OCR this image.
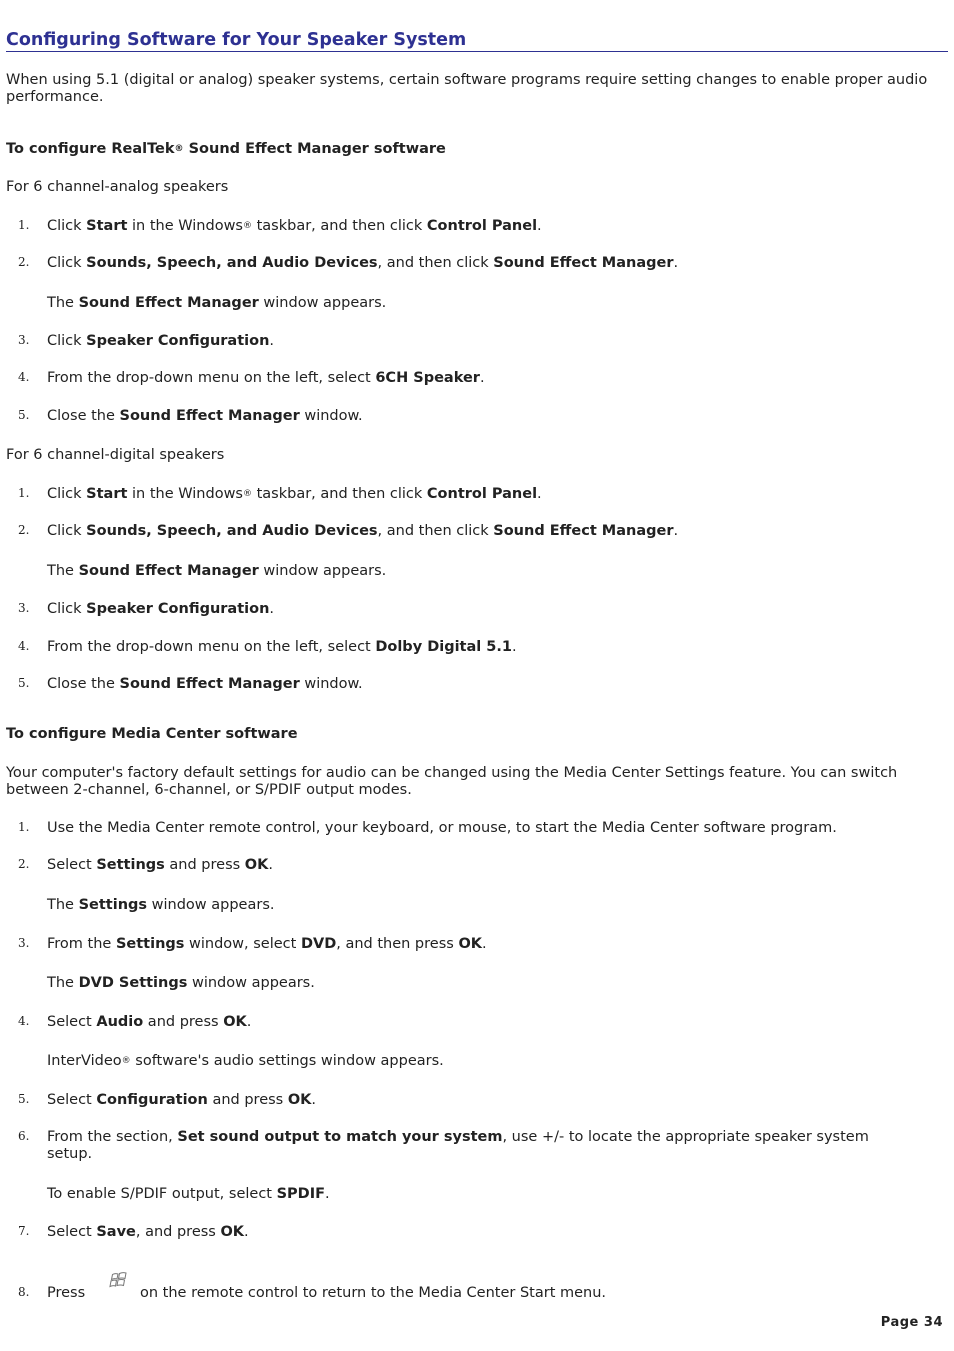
Configuring Software for Your Speaker System

When using 5.1 (digital or analog) speaker systems, certain software programs require setting changes to enable proper audio performance.

To configure RealTek® Sound Effect Manager software

For 6 channel-analog speakers

1. Click Start in the Windows® taskbar, and then click Control Panel.

2. Click Sounds, Speech, and Audio Devices, and then click Sound Effect Manager.

The Sound Effect Manager window appears.

3. Click Speaker Configuration.

4. From the drop-down menu on the left, select 6CH Speaker.

5. Close the Sound Effect Manager window.

For 6 channel-digital speakers

1. Click Start in the Windows® taskbar, and then click Control Panel.

2. Click Sounds, Speech, and Audio Devices, and then click Sound Effect Manager.

The Sound Effect Manager window appears.

3. Click Speaker Configuration.

4. From the drop-down menu on the left, select Dolby Digital 5.1.

5. Close the Sound Effect Manager window.

To configure Media Center software

Your computer's factory default settings for audio can be changed using the Media Center Settings feature. You can switch between 2-channel, 6-channel, or S/PDIF output modes.

1. Use the Media Center remote control, your keyboard, or mouse, to start the Media Center software program.

2. Select Settings and press OK.

The Settings window appears.

3. From the Settings window, select DVD, and then press OK.

The DVD Settings window appears.

4. Select Audio and press OK.

InterVideo® software's audio settings window appears.

5. Select Configuration and press OK.

6. From the section, Set sound output to match your system, use +/- to locate the appropriate speaker system setup.

To enable S/PDIF output, select SPDIF.

7. Select Save, and press OK.

8. Press	on the remote control to return to the Media Center Start menu.

Page 34
